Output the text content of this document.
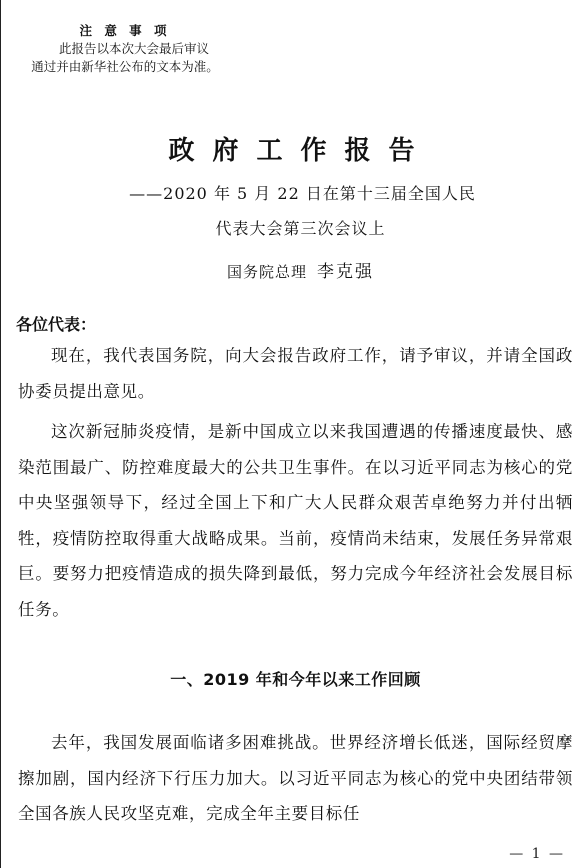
注 意 事 项
此报告以本次大会最后审议
通过并由新华社公布的文本为准。
政府工作报告
——2020 年 5 月 22 日在第十三届全国人民
代表大会第三次会议上
国务院总理 李克强
各位代表：

现在，我代表国务院，向大会报告政府工作，请予审议，并请全国政协委员提出意见。

这次新冠肺炎疫情，是新中国成立以来我国遭遇的传播速度最快、感染范围最广、防控难度最大的公共卫生事件。在以习近平同志为核心的党中央坚强领导下，经过全国上下和广大人民群众艰苦卓绝努力并付出牺牲，疫情防控取得重大战略成果。当前，疫情尚未结束，发展任务异常艰巨。要努力把疫情造成的损失降到最低，努力完成今年经济社会发展目标任务。

一、2019 年和今年以来工作回顾

去年，我国发展面临诸多困难挑战。世界经济增长低迷，国际经贸摩擦加剧，国内经济下行压力加大。以习近平同志为核心的党中央团结带领全国各族人民攻坚克难，完成全年主要目标任

— 1 —
